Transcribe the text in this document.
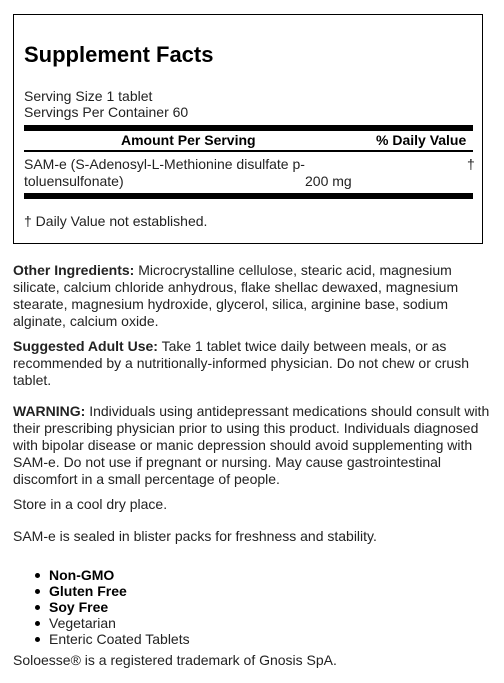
Supplement Facts
Serving Size 1 tablet
Servings Per Container 60
Amount Per Serving	% Daily Value
SAM-e (S-Adenosyl-L-Methionine disulfate p-toluensulfonate)	200 mg
†
† Daily Value not established.

Other Ingredients: Microcrystalline cellulose, stearic acid, magnesium silicate, calcium chloride anhydrous, flake shellac dewaxed, magnesium stearate, magnesium hydroxide, glycerol, silica, arginine base, sodium alginate, calcium oxide.

Suggested Adult Use: Take 1 tablet twice daily between meals, or as recommended by a nutritionally-informed physician. Do not chew or crush tablet.

WARNING: Individuals using antidepressant medications should consult with their prescribing physician prior to using this product. Individuals diagnosed with bipolar disease or manic depression should avoid supplementing with SAM-e. Do not use if pregnant or nursing. May cause gastrointestinal discomfort in a small percentage of people.

Store in a cool dry place.

SAM-e is sealed in blister packs for freshness and stability.

Non-GMO
Gluten Free
Soy Free
Vegetarian
Enteric Coated Tablets

Soloesse® is a registered trademark of Gnosis SpA.
